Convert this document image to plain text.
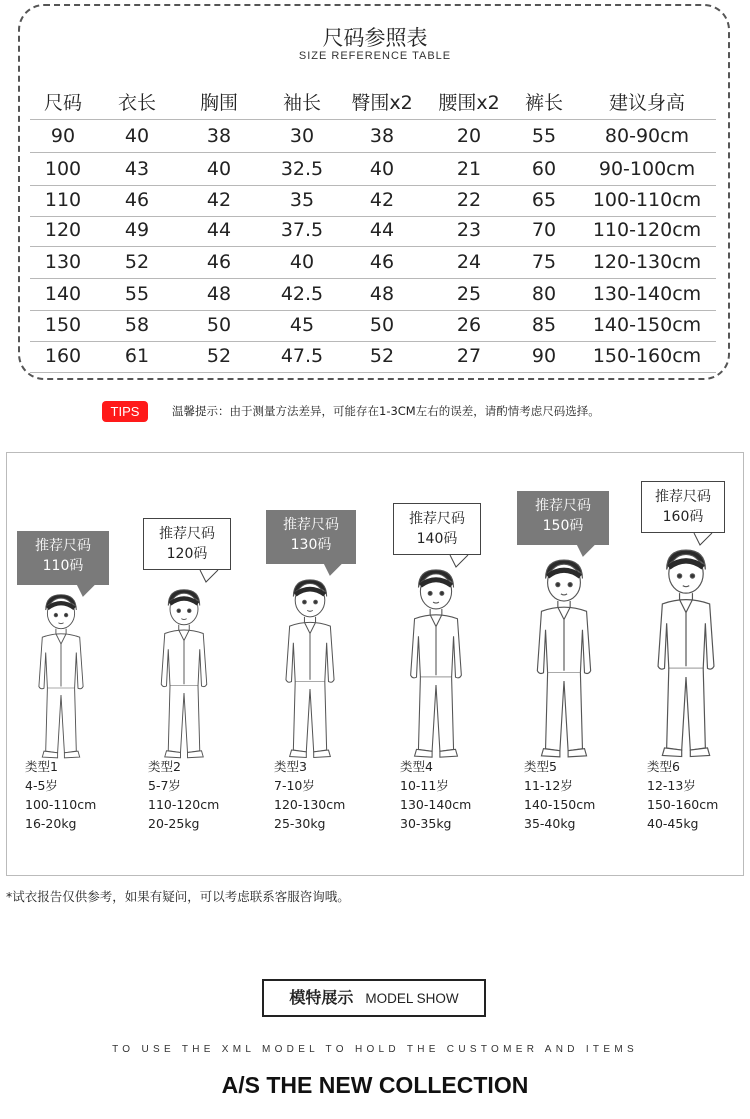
尺码参照表
SIZE REFERENCE TABLE
尺码	衣长	胸围	袖长	臀围x2	腰围x2	裤长	建议身高
90	40	38	30	38	20	55	80-90cm
100	43	40	32.5	40	21	60	90-100cm
110	46	42	35	42	22	65	100-110cm
120	49	44	37.5	44	23	70	110-120cm
130	52	46	40	46	24	75	120-130cm
140	55	48	42.5	48	25	80	130-140cm
150	58	50	45	50	26	85	140-150cm
160	61	52	47.5	52	27	90	150-160cm
TIPS	温馨提示：由于测量方法差异，可能存在1-3CM左右的误差，请酌情考虑尺码选择。
推荐尺码
110码
类型1
4-5岁
100-110cm
16-20kg
推荐尺码
120码
类型2
5-7岁
110-120cm
20-25kg
推荐尺码
130码
类型3
7-10岁
120-130cm
25-30kg
推荐尺码
140码
类型4
10-11岁
130-140cm
30-35kg
推荐尺码
150码
类型5
11-12岁
140-150cm
35-40kg
推荐尺码
160码
类型6
12-13岁
150-160cm
40-45kg
*试衣报告仅供参考，如果有疑问，可以考虑联系客服咨询哦。
模特展示 MODEL SHOW
TO USE THE XML MODEL TO HOLD THE CUSTOMER AND ITEMS
A/S THE NEW COLLECTION
